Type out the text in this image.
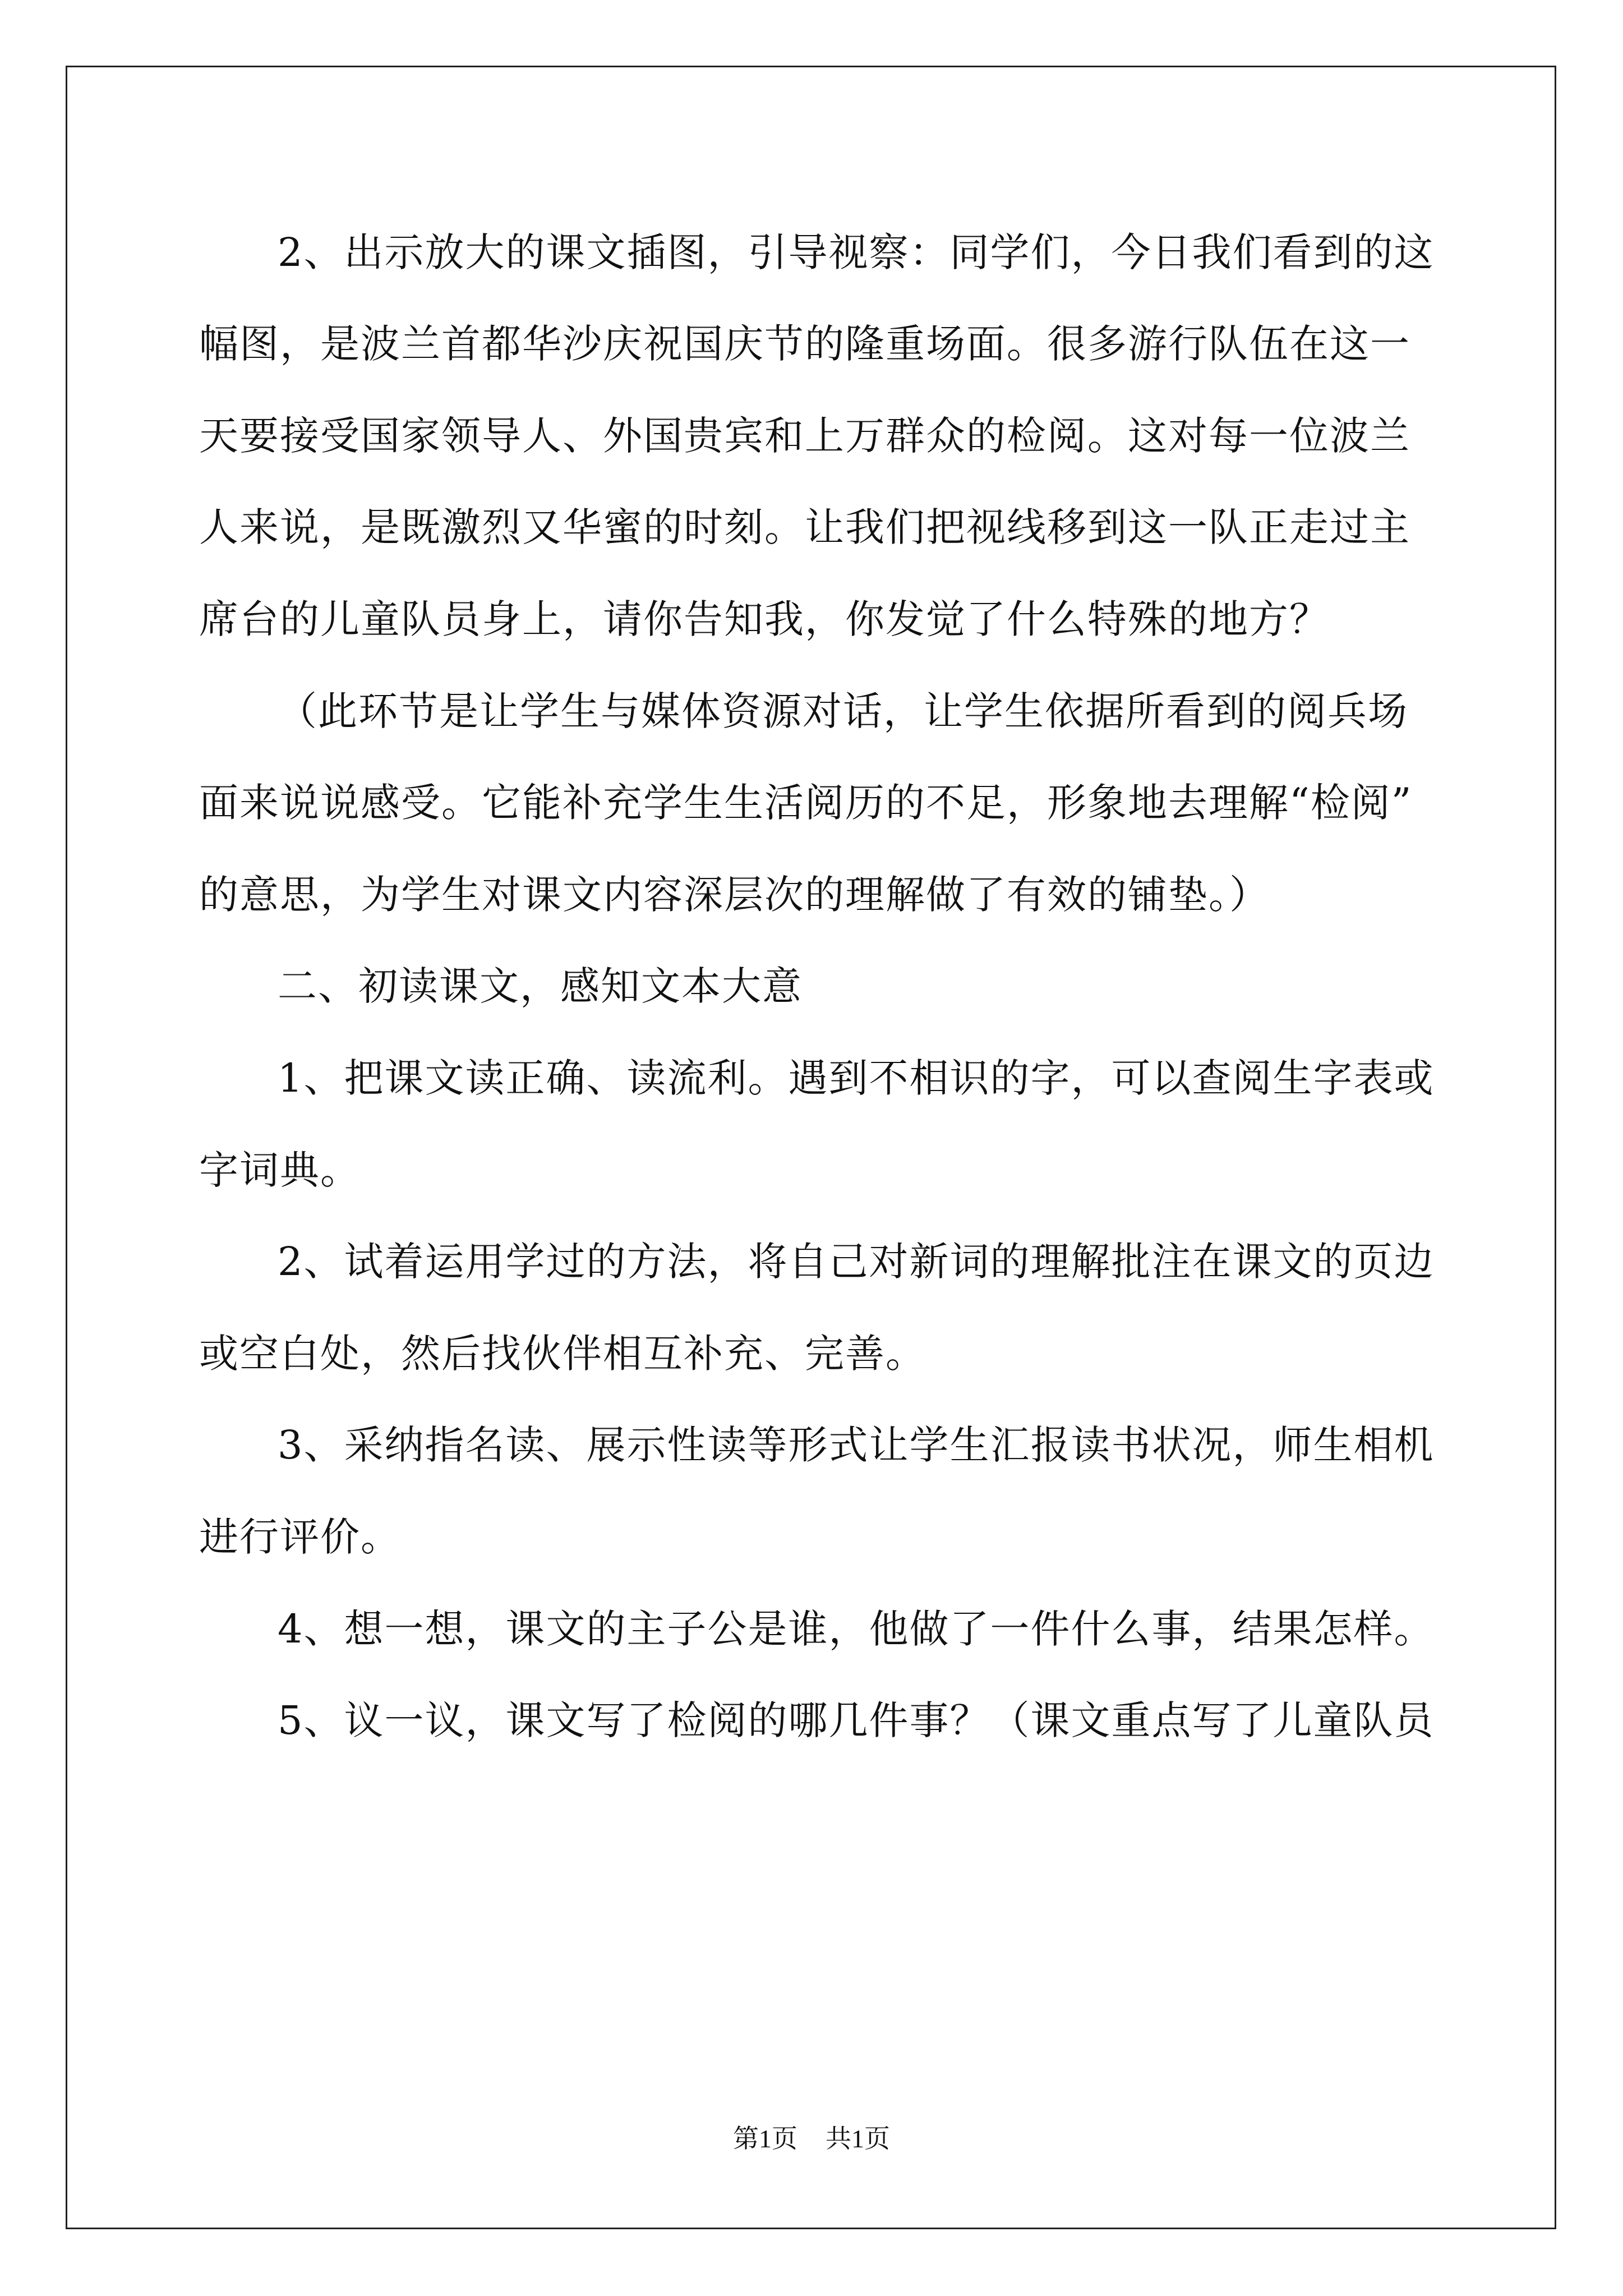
2、出示放大的课文插图，引导视察：同学们，今日我们看到的这
幅图，是波兰首都华沙庆祝国庆节的隆重场面。很多游行队伍在这一
天要接受国家领导人、外国贵宾和上万群众的检阅。这对每一位波兰
人来说，是既激烈又华蜜的时刻。让我们把视线移到这一队正走过主
席台的儿童队员身上，请你告知我，你发觉了什么特殊的地方？
（此环节是让学生与媒体资源对话，让学生依据所看到的阅兵场
面来说说感受。它能补充学生生活阅历的不足，形象地去理解“检阅”
的意思，为学生对课文内容深层次的理解做了有效的铺垫。）
二、初读课文，感知文本大意
1、把课文读正确、读流利。遇到不相识的字，可以查阅生字表或
字词典。
2、试着运用学过的方法，将自己对新词的理解批注在课文的页边
或空白处，然后找伙伴相互补充、完善。
3、采纳指名读、展示性读等形式让学生汇报读书状况，师生相机
进行评价。
4、想一想，课文的主子公是谁，他做了一件什么事，结果怎样。
5、议一议，课文写了检阅的哪几件事？（课文重点写了儿童队员
第1页 共1页
